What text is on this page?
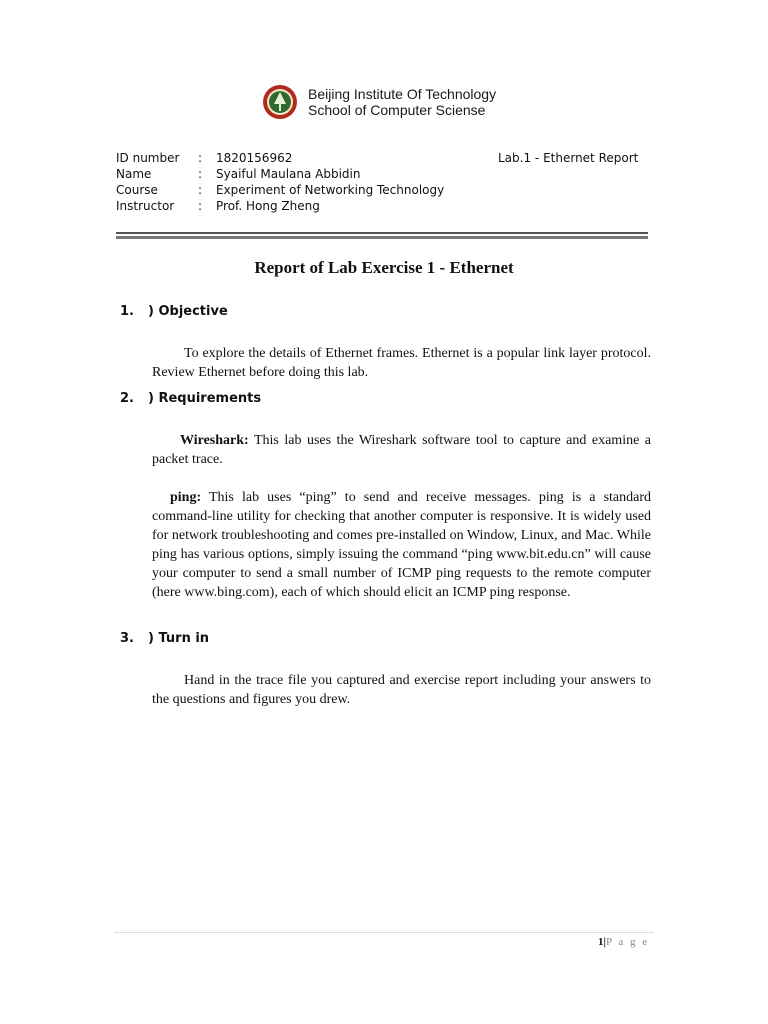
Beijing Institute Of Technology
School of Computer Sciense
ID number	:	1820156962
Name	:	Syaiful Maulana Abbidin
Course	:	Experiment of Networking Technology
Instructor	:	Prof. Hong Zheng
Lab.1 - Ethernet Report
Report of Lab Exercise 1 - Ethernet
1. ) Objective
To explore the details of Ethernet frames. Ethernet is a popular link layer protocol. Review Ethernet before doing this lab.
2. ) Requirements
Wireshark: This lab uses the Wireshark software tool to capture and examine a packet trace.
ping: This lab uses “ping” to send and receive messages. ping is a standard command-line utility for checking that another computer is responsive. It is widely used for network troubleshooting and comes pre-installed on Window, Linux, and Mac. While ping has various options, simply issuing the command “ping www.bit.edu.cn” will cause your computer to send a small number of ICMP ping requests to the remote computer (here www.bing.com), each of which should elicit an ICMP ping response.
3. ) Turn in
Hand in the trace file you captured and exercise report including your answers to the questions and figures you drew.
1|P a g e
